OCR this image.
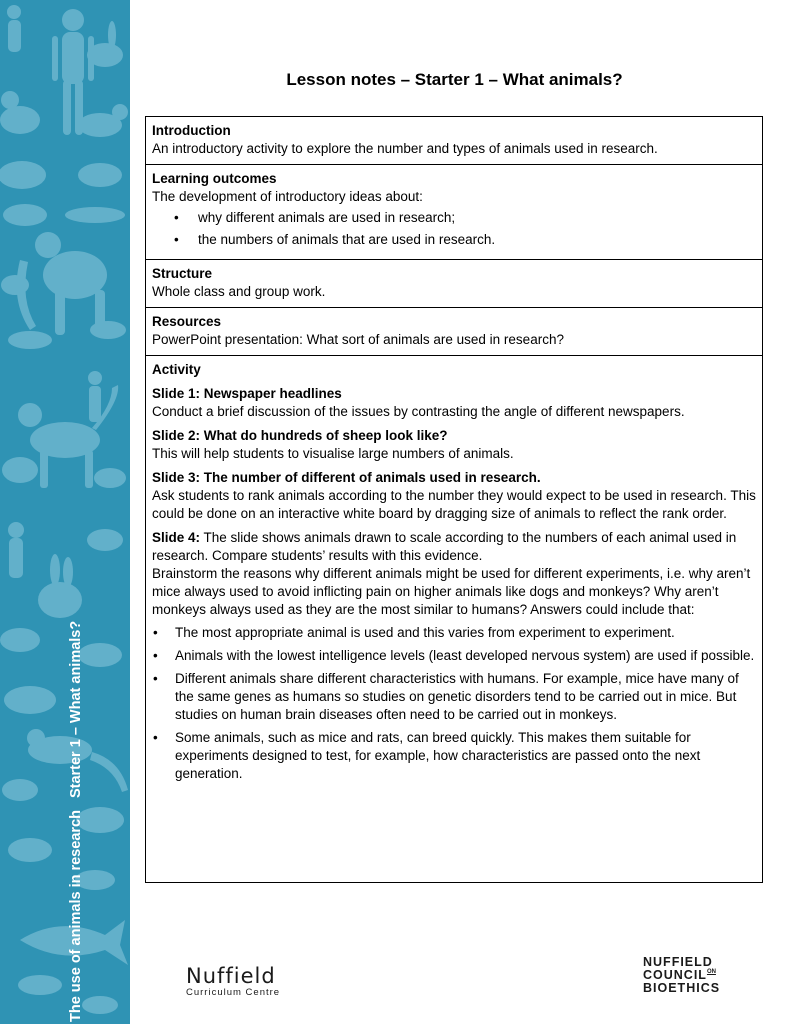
The use of animals in researchStarter 1 – What animals?
Lesson notes – Starter 1 – What animals?
Introduction

An introductory activity to explore the number and types of animals used in research.

Learning outcomes

The development of introductory ideas about:

• why different animals are used in research;
• the numbers of animals that are used in research.
Structure

Whole class and group work.

Resources

PowerPoint presentation: What sort of animals are used in research?

Activity
Slide 1: Newspaper headlines

Conduct a brief discussion of the issues by contrasting the angle of different newspapers.

Slide 2: What do hundreds of sheep look like?

This will help students to visualise large numbers of animals.

Slide 3: The number of different of animals used in research.

Ask students to rank animals according to the number they would expect to be used in research. This could be done on an interactive white board by dragging size of animals to reflect the rank order.

Slide 4: The slide shows animals drawn to scale according to the numbers of each animal used in research. Compare students’ results with this evidence.

Brainstorm the reasons why different animals might be used for different experiments, i.e. why aren’t mice always used to avoid inflicting pain on higher animals like dogs and monkeys? Why aren’t monkeys always used as they are the most similar to humans? Answers could include that:

• The most appropriate animal is used and this varies from experiment to experiment.
• Animals with the lowest intelligence levels (least developed nervous system) are used if possible.
• Different animals share different characteristics with humans. For example, mice have many of the same genes as humans so studies on genetic disorders tend to be carried out in mice. But studies on human brain diseases often need to be carried out in monkeys.
• Some animals, such as mice and rats, can breed quickly. This makes them suitable for experiments designed to test, for example, how characteristics are passed onto the next generation.
Nuffield
Curriculum Centre
NUFFIELD
COUNCILON
BIOETHICS
